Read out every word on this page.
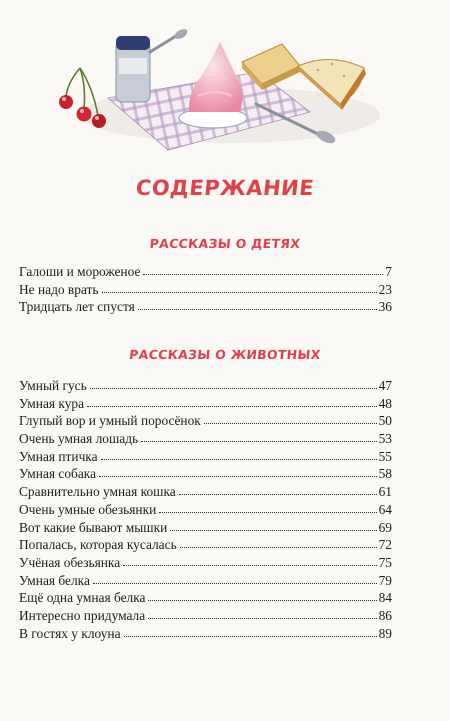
СОДЕРЖАНИЕ
РАССКАЗЫ О ДЕТЯХ
Галоши и мороженое	7
Не надо врать	23
Тридцать лет спустя	36
РАССКАЗЫ О ЖИВОТНЫХ
Умный гусь	47
Умная кура	48
Глупый вор и умный поросёнок	50
Очень умная лошадь	53
Умная птичка	55
Умная собака	58
Сравнительно умная кошка	61
Очень умные обезьянки	64
Вот какие бывают мышки	69
Попалась, которая кусалась	72
Учёная обезьянка	75
Умная белка	79
Ещё одна умная белка	84
Интересно придумала	86
В гостях у клоуна	89
